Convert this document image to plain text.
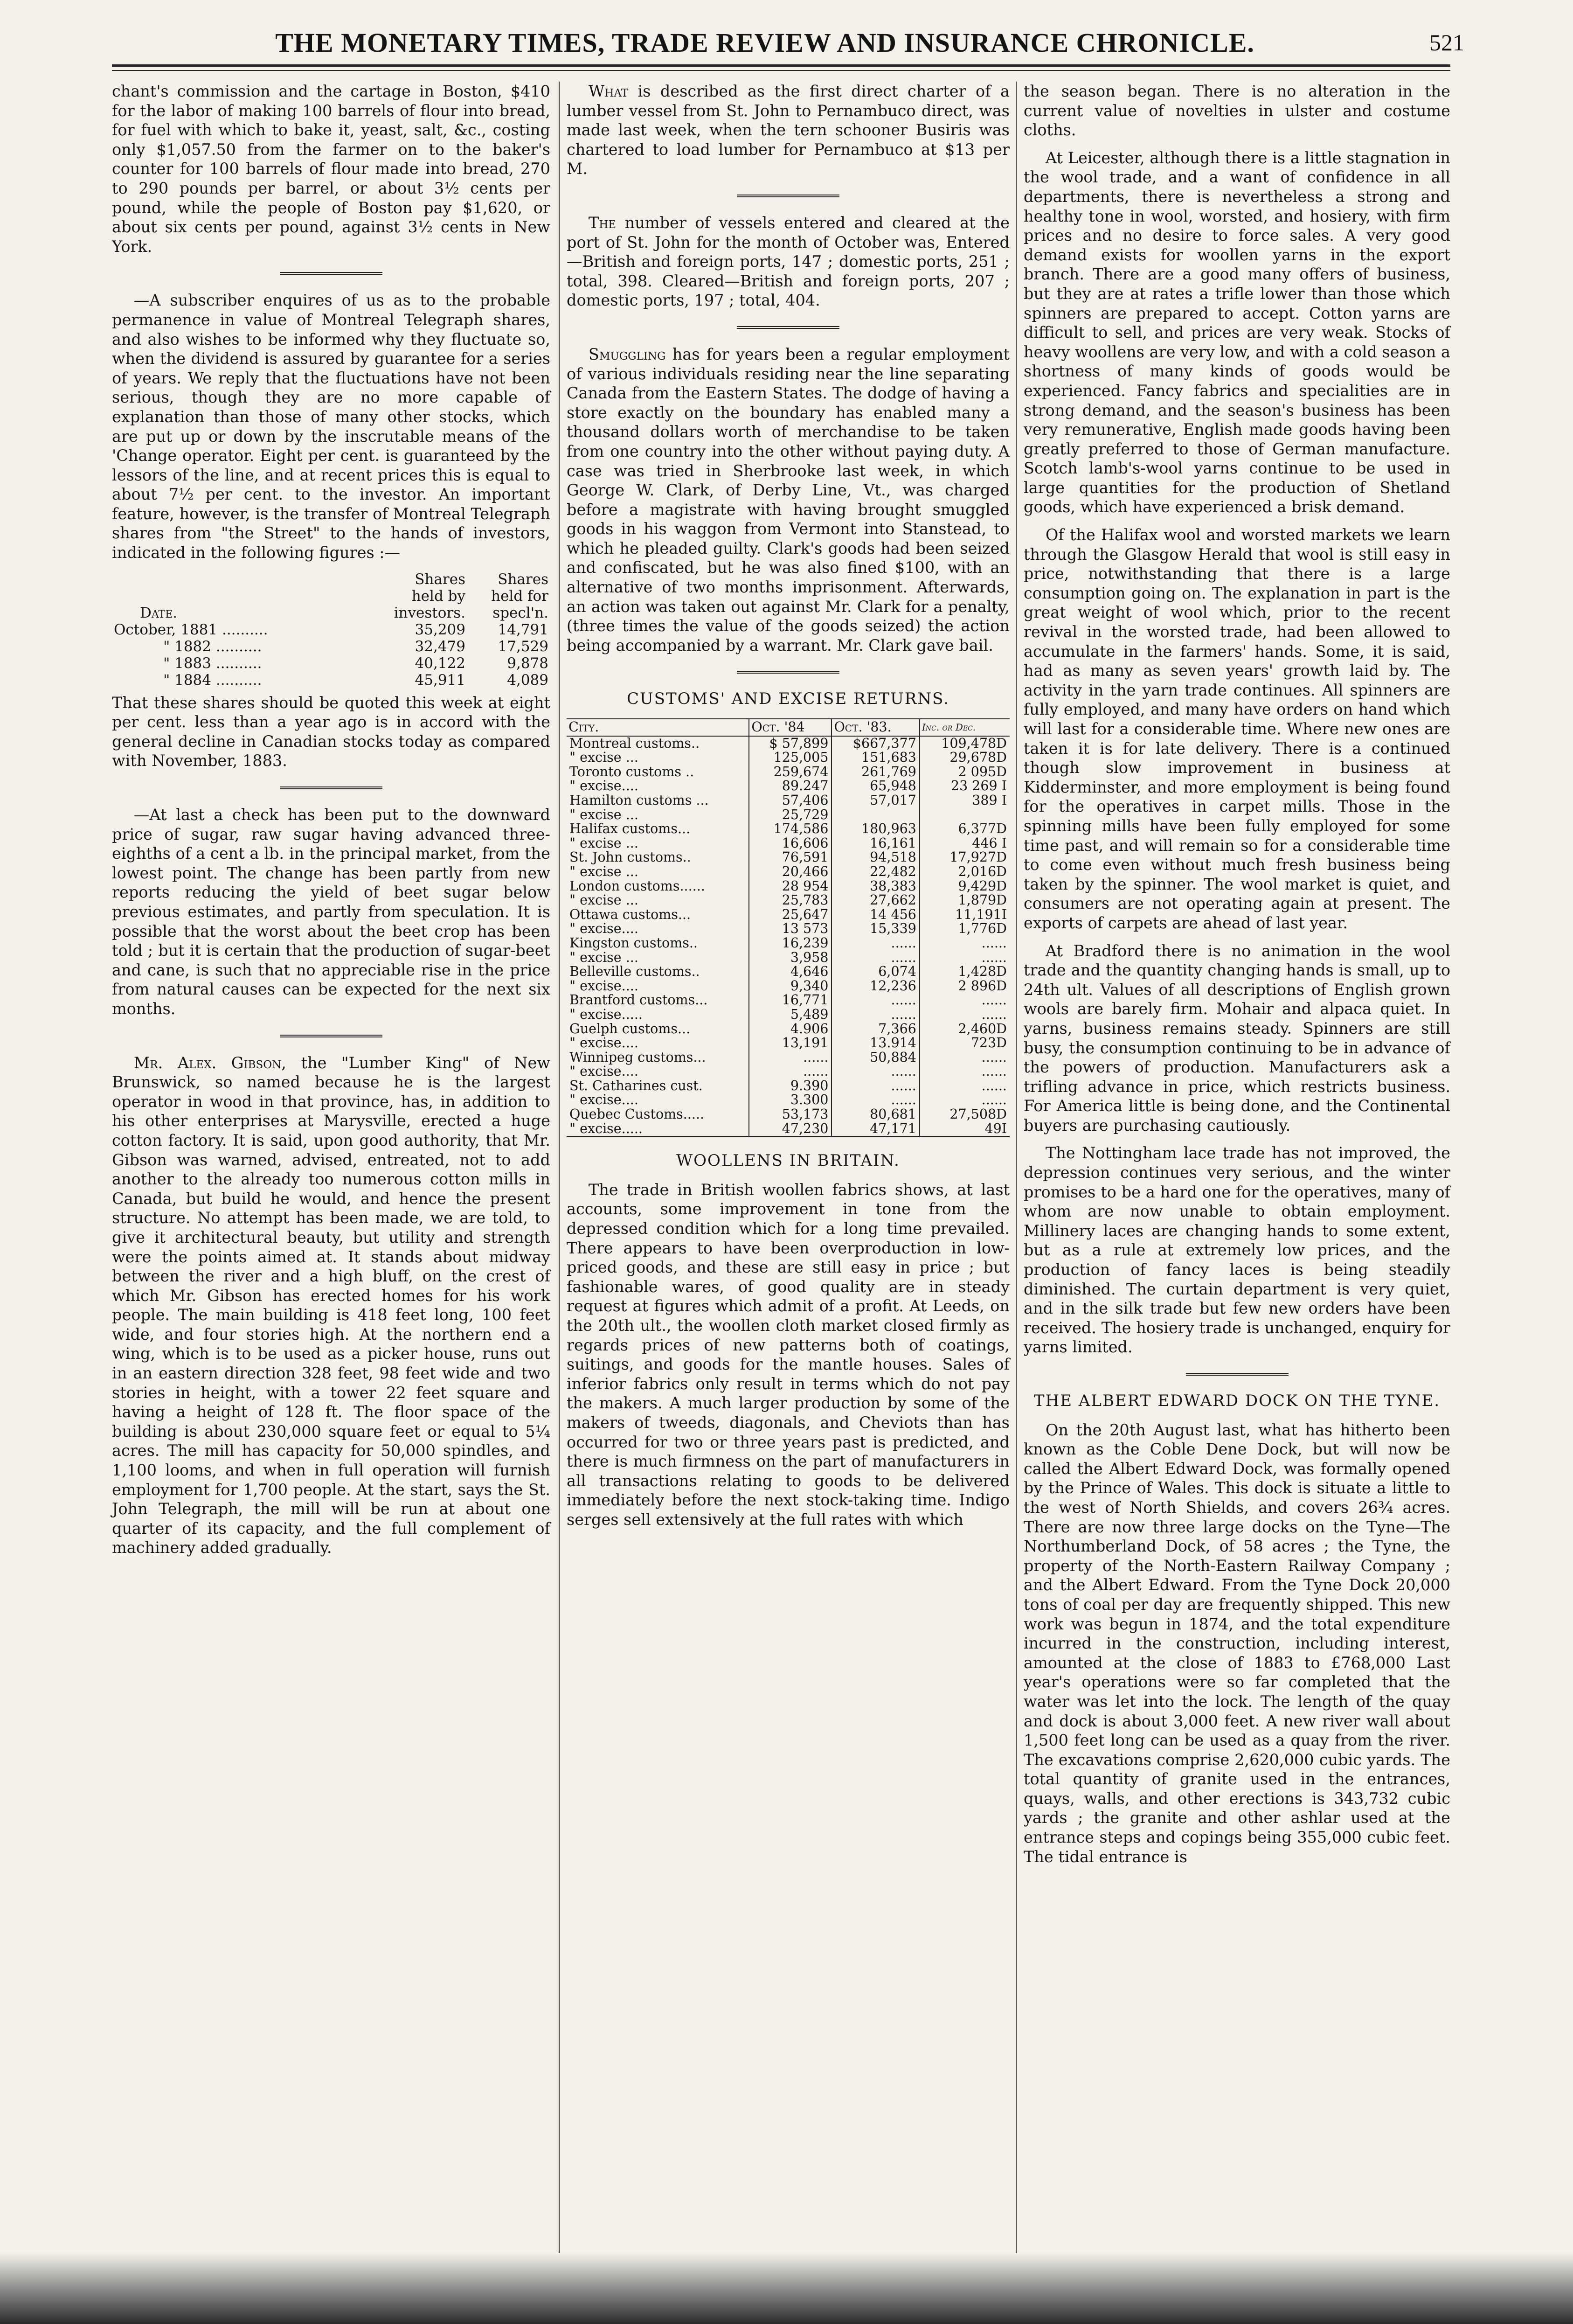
THE MONETARY TIMES, TRADE REVIEW AND INSURANCE CHRONICLE.	521

chant's commission and the cartage in Boston, $410 for the labor of making 100 barrels of flour into bread, for fuel with which to bake it, yeast, salt, &c., costing only $1,057.50 from the farmer on to the baker's counter for 100 barrels of flour made into bread, 270 to 290 pounds per barrel, or about 3½ cents per pound, while the people of Boston pay $1,620, or about six cents per pound, against 3½ cents in New York.

—A subscriber enquires of us as to the probable permanence in value of Montreal Telegraph shares, and also wishes to be informed why they fluctuate so, when the dividend is assured by guarantee for a series of years. We reply that the fluctuations have not been serious, though they are no more capable of explanation than those of many other stocks, which are put up or down by the inscrutable means of the 'Change operator. Eight per cent. is guaranteed by the lessors of the line, and at recent prices this is equal to about 7½ per cent. to the investor. An important feature, however, is the transfer of Montreal Telegraph shares from "the Street" to the hands of investors, indicated in the following figures :—

Date.	Shares held by investors.	Shares held for specl'n.
October, 1881 ..........	35,209	14,791
" 1882 ..........	32,479	17,529
" 1883 ..........	40,122	9,878
" 1884 ..........	45,911	4,089

That these shares should be quoted this week at eight per cent. less than a year ago is in accord with the general decline in Canadian stocks today as compared with November, 1883.

—At last a check has been put to the downward price of sugar, raw sugar having advanced three-eighths of a cent a lb. in the principal market, from the lowest point. The change has been partly from new reports reducing the yield of beet sugar below previous estimates, and partly from speculation. It is possible that the worst about the beet crop has been told ; but it is certain that the production of sugar-beet and cane, is such that no appreciable rise in the price from natural causes can be expected for the next six months.

Mr. Alex. Gibson, the "Lumber King" of New Brunswick, so named because he is the largest operator in wood in that province, has, in addition to his other enterprises at Marysville, erected a huge cotton factory. It is said, upon good authority, that Mr. Gibson was warned, advised, entreated, not to add another to the already too numerous cotton mills in Canada, but build he would, and hence the present structure. No attempt has been made, we are told, to give it architectural beauty, but utility and strength were the points aimed at. It stands about midway between the river and a high bluff, on the crest of which Mr. Gibson has erected homes for his work people. The main building is 418 feet long, 100 feet wide, and four stories high. At the northern end a wing, which is to be used as a picker house, runs out in an eastern direction 328 feet, 98 feet wide and two stories in height, with a tower 22 feet square and having a height of 128 ft. The floor space of the building is about 230,000 square feet or equal to 5¼ acres. The mill has capacity for 50,000 spindles, and 1,100 looms, and when in full operation will furnish employment for 1,700 people. At the start, says the St. John Telegraph, the mill will be run at about one quarter of its capacity, and the full complement of machinery added gradually.

What is described as the first direct charter of a lumber vessel from St. John to Pernambuco direct, was made last week, when the tern schooner Busiris was chartered to load lumber for Pernambuco at $13 per M.

The number of vessels entered and cleared at the port of St. John for the month of October was, Entered—British and foreign ports, 147 ; domestic ports, 251 ; total, 398. Cleared—British and foreign ports, 207 ; domestic ports, 197 ; total, 404.

Smuggling has for years been a regular employment of various individuals residing near the line separating Canada from the Eastern States. The dodge of having a store exactly on the boundary has enabled many a thousand dollars worth of merchandise to be taken from one country into the other without paying duty. A case was tried in Sherbrooke last week, in which George W. Clark, of Derby Line, Vt., was charged before a magistrate with having brought smuggled goods in his waggon from Vermont into Stanstead, to which he pleaded guilty. Clark's goods had been seized and confiscated, but he was also fined $100, with an alternative of two months imprisonment. Afterwards, an action was taken out against Mr. Clark for a penalty, (three times the value of the goods seized) the action being accompanied by a warrant. Mr. Clark gave bail.

CUSTOMS' AND EXCISE RETURNS.
City.	Oct. '84	Oct. '83.	Inc. or Dec.
Montreal customs..	$ 57,899	$667,377	109,478D
" excise ...	125,005	151,683	29,678D
Toronto customs ..	259,674	261,769	2 095D
" excise....	89.247	65,948	23 269 I
Hamilton customs ...	57,406	57,017	389 I
" excise ...	25,729		
Halifax customs...	174,586	180,963	6,377D
" excise ...	16,606	16,161	446 I
St. John customs..	76,591	94,518	17,927D
" excise ...	20,466	22,482	2,016D
London customs......	28 954	38,383	9,429D
" excise ...	25,783	27,662	1,879D
Ottawa customs...	25,647	14 456	11,191I
" excise....	13 573	15,339	1,776D
Kingston customs..	16,239	......	......
" excise ...	3,958	......	......
Belleville customs..	4,646	6,074	1,428D
" excise....	9,340	12,236	2 896D
Brantford customs...	16,771	......	......
" excise.....	5,489	......	......
Guelph customs...	4.906	7,366	2,460D
" excise....	13,191	13.914	723D
Winnipeg customs...	......	50,884	......
" excise....	......	......	......
St. Catharines cust.	9.390	......	......
" excise....	3.300	......	......
Quebec Customs.....	53,173	80,681	27,508D
" excise.....	47,230	47,171	49I
WOOLLENS IN BRITAIN.

The trade in British woollen fabrics shows, at last accounts, some improvement in tone from the depressed condition which for a long time prevailed. There appears to have been overproduction in low-priced goods, and these are still easy in price ; but fashionable wares, of good quality are in steady request at figures which admit of a profit. At Leeds, on the 20th ult., the woollen cloth market closed firmly as regards prices of new patterns both of coatings, suitings, and goods for the mantle houses. Sales of inferior fabrics only result in terms which do not pay the makers. A much larger production by some of the makers of tweeds, diagonals, and Cheviots than has occurred for two or three years past is predicted, and there is much firmness on the part of manufacturers in all transactions relating to goods to be delivered immediately before the next stock-taking time. Indigo serges sell extensively at the full rates with which

the season began. There is no alteration in the current value of novelties in ulster and costume cloths.

At Leicester, although there is a little stagnation in the wool trade, and a want of confidence in all departments, there is nevertheless a strong and healthy tone in wool, worsted, and hosiery, with firm prices and no desire to force sales. A very good demand exists for woollen yarns in the export branch. There are a good many offers of business, but they are at rates a trifle lower than those which spinners are prepared to accept. Cotton yarns are difficult to sell, and prices are very weak. Stocks of heavy woollens are very low, and with a cold season a shortness of many kinds of goods would be experienced. Fancy fabrics and specialities are in strong demand, and the season's business has been very remunerative, English made goods having been greatly preferred to those of German manufacture. Scotch lamb's-wool yarns continue to be used in large quantities for the production of Shetland goods, which have experienced a brisk demand.

Of the Halifax wool and worsted markets we learn through the Glasgow Herald that wool is still easy in price, notwithstanding that there is a large consumption going on. The explanation in part is the great weight of wool which, prior to the recent revival in the worsted trade, had been allowed to accumulate in the farmers' hands. Some, it is said, had as many as seven years' growth laid by. The activity in the yarn trade continues. All spinners are fully employed, and many have orders on hand which will last for a considerable time. Where new ones are taken it is for late delivery. There is a continued though slow improvement in business at Kidderminster, and more employment is being found for the operatives in carpet mills. Those in the spinning mills have been fully employed for some time past, and will remain so for a considerable time to come even without much fresh business being taken by the spinner. The wool market is quiet, and consumers are not operating again at present. The exports of carpets are ahead of last year.

At Bradford there is no animation in the wool trade and the quantity changing hands is small, up to 24th ult. Values of all descriptions of English grown wools are barely firm. Mohair and alpaca quiet. In yarns, business remains steady. Spinners are still busy, the consumption continuing to be in advance of the powers of production. Manufacturers ask a trifling advance in price, which restricts business. For America little is being done, and the Continental buyers are purchasing cautiously.

The Nottingham lace trade has not improved, the depression continues very serious, and the winter promises to be a hard one for the operatives, many of whom are now unable to obtain employment. Millinery laces are changing hands to some extent, but as a rule at extremely low prices, and the production of fancy laces is being steadily diminished. The curtain department is very quiet, and in the silk trade but few new orders have been received. The hosiery trade is unchanged, enquiry for yarns limited.

THE ALBERT EDWARD DOCK ON THE TYNE.

On the 20th August last, what has hitherto been known as the Coble Dene Dock, but will now be called the Albert Edward Dock, was formally opened by the Prince of Wales. This dock is situate a little to the west of North Shields, and covers 26¾ acres. There are now three large docks on the Tyne—The Northumberland Dock, of 58 acres ; the Tyne, the property of the North-Eastern Railway Company ; and the Albert Edward. From the Tyne Dock 20,000 tons of coal per day are frequently shipped. This new work was begun in 1874, and the total expenditure incurred in the construction, including interest, amounted at the close of 1883 to £768,000 Last year's operations were so far completed that the water was let into the lock. The length of the quay and dock is about 3,000 feet. A new river wall about 1,500 feet long can be used as a quay from the river. The excavations comprise 2,620,000 cubic yards. The total quantity of granite used in the entrances, quays, walls, and other erections is 343,732 cubic yards ; the granite and other ashlar used at the entrance steps and copings being 355,000 cubic feet. The tidal entrance is
